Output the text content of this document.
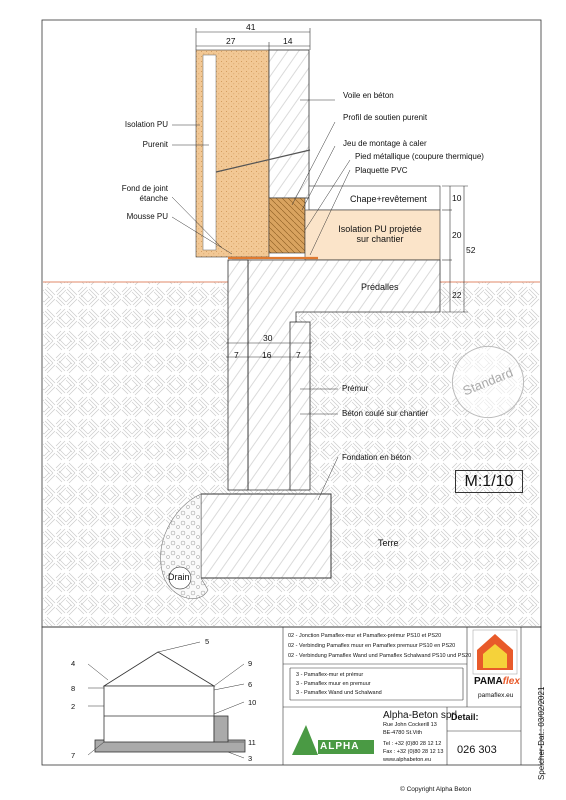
Voile en béton
Profil de soutien purenit
Jeu de montage à caler
Pied métallique (coupure thermique)
Plaquette PVC
Isolation PU
Purenit
Fond de joint
étanche
Mousse PU
Chape+revêtement
Isolation PU projetée
sur chantier
Prédalles
Prémur
Béton coulé sur chantier
Fondation en béton
Terre
Drain
41
27	14
10
20
22
52
30
7	16	7
M:1/10
Standard
5
4
8
2
7
9
6
10
11
3
02 - Jonction Pamaflex-mur et Pamaflex-prémur PS10 et PS20
02 - Verbinding Pamaflex muur en Pamaflex premuur PS10 en PS20
02 - Verbindung Pamaflex Wand und Pamaflex Schalwand PS10 und PS20
3 - Pamaflex-mur et prémur
3 - Pamaflex muur en premuur
3 - Pamaflex Wand und Schalwand
PAMAflex
pamaflex.eu
Alpha-Beton sprl
Rue John Cockerill 13
BE-4780 St.Vith
Tel : +32 (0)80 28 12 12
Fax : +32 (0)80 28 12 13
www.alphabeton.eu
ALPHA
Detail:
026 303	Speicher-Dat.: 03/02/2021
© Copyright Alpha Beton
